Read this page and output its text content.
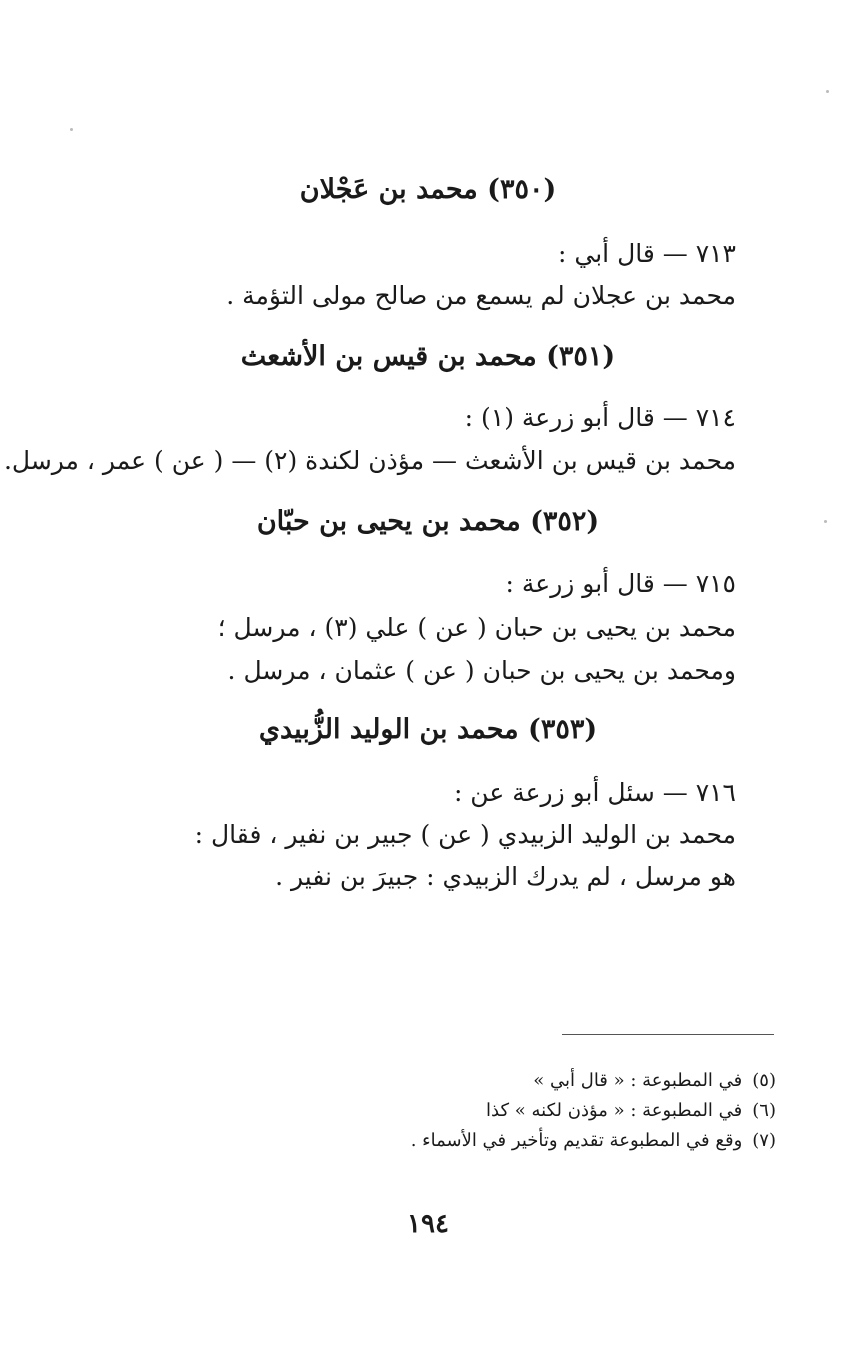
(٣٥٠) محمد بن عَجْلان
٧١٣ — قال أبي :
محمد بن عجلان لم يسمع من صالح مولى التؤمة .
(٣٥١) محمد بن قيس بن الأشعث
٧١٤ — قال أبو زرعة (١) :
محمد بن قيس بن الأشعث — مؤذن لكندة (٢) — ( عن ) عمر ، مرسل.
(٣٥٢) محمد بن يحيى بن حبّان
٧١٥ — قال أبو زرعة :
محمد بن يحيى بن حبان ( عن ) علي (٣) ، مرسل ؛
ومحمد بن يحيى بن حبان ( عن ) عثمان ، مرسل .
(٣٥٣) محمد بن الوليد الزُّبيدي
٧١٦ — سئل أبو زرعة عن :
محمد بن الوليد الزبيدي ( عن ) جبير بن نفير ، فقال :
هو مرسل ، لم يدرك الزبيدي : جبيرَ بن نفير .
(٥)في المطبوعة : « قال أبي »
(٦)في المطبوعة : « مؤذن لكنه » كذا
(٧)وقع في المطبوعة تقديم وتأخير في الأسماء .
١٩٤
